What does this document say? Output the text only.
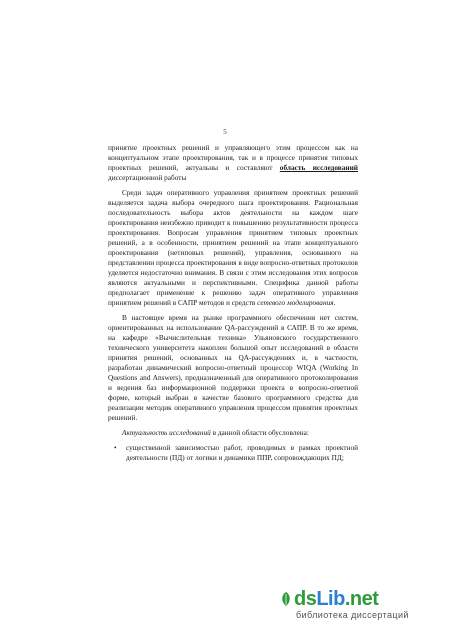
5

принятие проектных решений и управляющего этим процессом как на концептуальном этапе проектирования, так и в процессе принятия типовых проектных решений, актуальны и составляют область исследований диссертационной работы

Среди задач оперативного управления принятием проектных решений выделяется задача выбора очередного шага проектирования. Рациональная последовательность выбора актов деятельности на каждом шаге проектирования неизбежно приводит к повышению результативности процесса проектирования. Вопросам управления принятием типовых проектных решений, а в особенности, принятием решений на этапе концептуального проектирования (нетиповых решений), управления, основанного на представлении процесса проектирования в виде вопросно-ответных протоколов уделяется недостаточно внимания. В связи с этим исследования этих вопросов являются актуальными и перспективными. Специфика данной работы предполагает применение к решению задач оперативного управления принятием решений в САПР методов и средств сетевого моделирования.

В настоящее время на рынке программного обеспечения нет систем, ориентированных на использование QA-рассуждений в САПР. В то же время, на кафедре «Вычислительная техника» Ульяновского государственного технического университета накоплен большой опыт исследований в области принятия решений, основанных на QA-рассуждениях и, в частности, разработан динамический вопросно-ответный процессор WIQA (Working In Questions and Answers), предназначенный для оперативного протоколирования и ведения баз информационной поддержки проекта в вопросно-ответной форме, который выбран в качестве базового программного средства для реализации методик оперативного управления процессом принятия проектных решений.

Актуальность исследований в данной области обусловлена:

•	существенной зависимостью работ, проводимых в рамках проектной деятельности (ПД) от логики и динамики ППР, сопровождающих ПД;
dsLib.net
библиотека диссертаций
